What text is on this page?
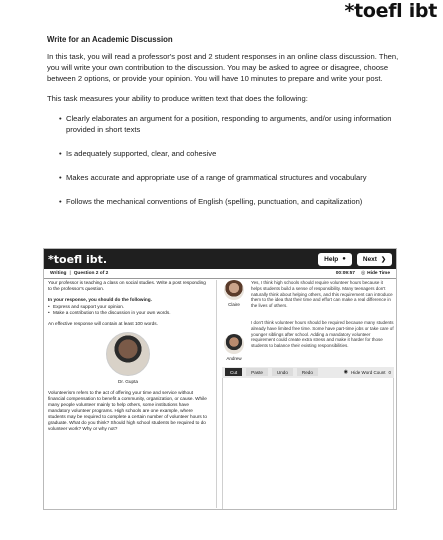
*toefl ibt
Write for an Academic Discussion

In this task, you will read a professor's post and 2 student responses in an online class discussion. Then, you will write your own contribution to the discussion. You may be asked to agree or disagree, choose between 2 options, or provide your opinion. You will have 10 minutes to prepare and write your post.

This task measures your ability to produce written text that does the following:

• Clearly elaborates an argument for a position, responding to arguments, and/or using information provided in short texts
• Is adequately supported, clear, and cohesive
• Makes accurate and appropriate use of a range of grammatical structures and vocabulary
• Follows the mechanical conventions of English (spelling, punctuation, and capitalization)
*toefl ibt.	Help ●	Next ❯
Writing | Question 2 of 2	00:09:57 ◎ Hide Time

Your professor is teaching a class on social studies. Write a post responding to the professor's question.

In your response, you should do the following.

• Express and support your opinion.
• Make a contribution to the discussion in your own words.

An effective response will contain at least 100 words.

Dr. Gupta

Volunteerism refers to the act of offering your time and service without financial compensation to benefit a community, organization, or cause. While many people volunteer mainly to help others, some institutions have mandatory volunteer programs. High schools are one example, where students may be required to complete a certain number of volunteer hours to graduate. What do you think? Should high school students be required to do volunteer work? Why or why not?

Claire

Yes, I think high schools should require volunteer hours because it helps students build a sense of responsibility. Many teenagers don't naturally think about helping others, and this requirement can introduce them to the idea that their time and effort can make a real difference in the lives of others.

Andrew

I don't think volunteer hours should be required because many students already have limited free time. Some have part-time jobs or take care of younger siblings after school. Adding a mandatory volunteer requirement could create extra stress and make it harder for those students to balance their existing responsibilities.

Cut	Paste	Undo	Redo	◉ Hide Word Count 0
